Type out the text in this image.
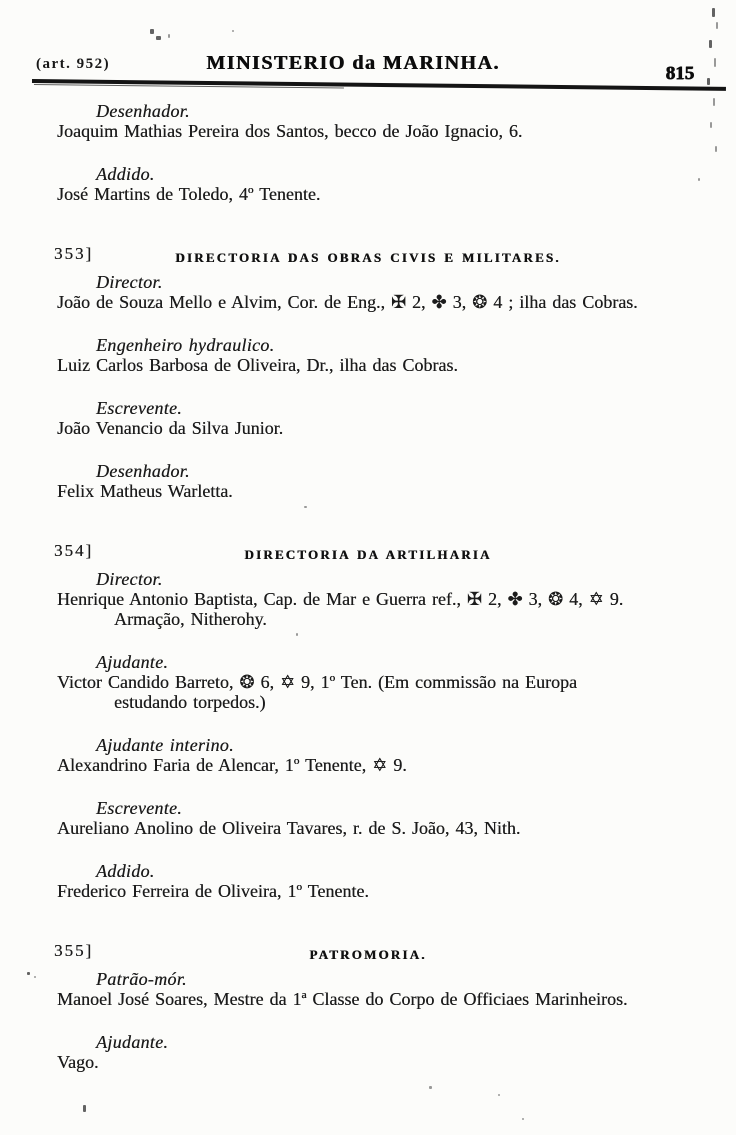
(art. 952)	MINISTERIO da MARINHA.	815
Desenhador.
Joaquim Mathias Pereira dos Santos, becco de João Ignacio, 6.
Addido.
José Martins de Toledo, 4º Tenente.
353]	DIRECTORIA DAS OBRAS CIVIS E MILITARES.
Director.
João de Souza Mello e Alvim, Cor. de Eng., ✠ 2, ✤ 3, ❂ 4 ; ilha das Cobras.
Engenheiro hydraulico.
Luiz Carlos Barbosa de Oliveira, Dr., ilha das Cobras.
Escrevente.
João Venancio da Silva Junior.
Desenhador.
Felix Matheus Warletta.
354]	DIRECTORIA DA ARTILHARIA
Director.
Henrique Antonio Baptista, Cap. de Mar e Guerra ref., ✠ 2, ✤ 3, ❂ 4, ✡ 9.
Armação, Nitherohy.
Ajudante.
Victor Candido Barreto, ❂ 6, ✡ 9, 1º Ten. (Em commissão na Europa
estudando torpedos.)
Ajudante interino.
Alexandrino Faria de Alencar, 1º Tenente, ✡ 9.
Escrevente.
Aureliano Anolino de Oliveira Tavares, r. de S. João, 43, Nith.
Addido.
Frederico Ferreira de Oliveira, 1º Tenente.
355]	PATROMORIA.
Patrão-mór.
Manoel José Soares, Mestre da 1ª Classe do Corpo de Officiaes Marinheiros.
Ajudante.
Vago.
